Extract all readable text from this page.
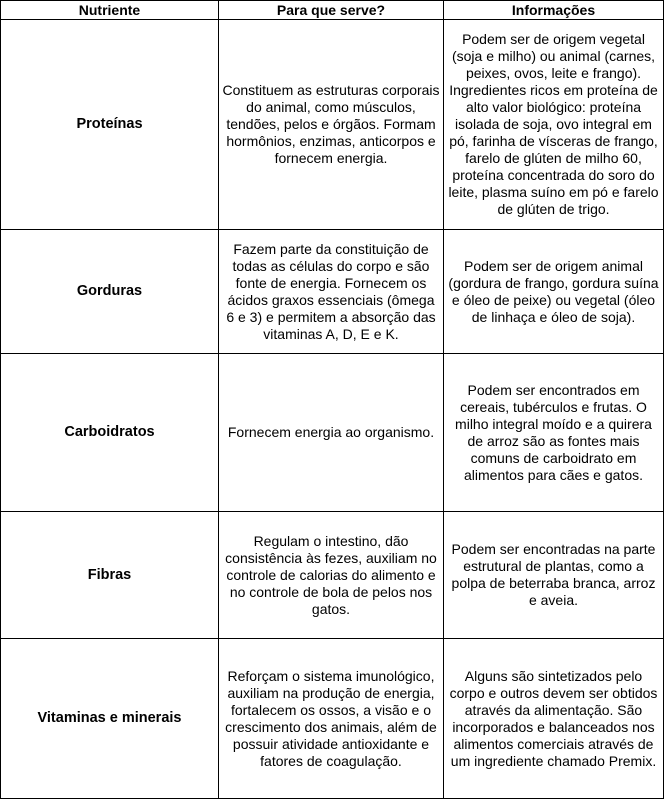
Nutriente	Para que serve?	Informações
Proteínas	Constituem as estruturas corporais do animal, como músculos, tendões, pelos e órgãos. Formam hormônios, enzimas, anticorpos e fornecem energia.	Podem ser de origem vegetal (soja e milho) ou animal (carnes, peixes, ovos, leite e frango). Ingredientes ricos em proteína de alto valor biológico: proteína isolada de soja, ovo integral em pó, farinha de vísceras de frango, farelo de glúten de milho 60, proteína concentrada do soro do leite, plasma suíno em pó e farelo de glúten de trigo.
Gorduras	Fazem parte da constituição de todas as células do corpo e são fonte de energia. Fornecem os ácidos graxos essenciais (ômega 6 e 3) e permitem a absorção das vitaminas A, D, E e K.	Podem ser de origem animal (gordura de frango, gordura suína e óleo de peixe) ou vegetal (óleo de linhaça e óleo de soja).
Carboidratos	Fornecem energia ao organismo.	Podem ser encontrados em cereais, tubérculos e frutas. O milho integral moído e a quirera de arroz são as fontes mais comuns de carboidrato em alimentos para cães e gatos.
Fibras	Regulam o intestino, dão consistência às fezes, auxiliam no controle de calorias do alimento e no controle de bola de pelos nos gatos.	Podem ser encontradas na parte estrutural de plantas, como a polpa de beterraba branca, arroz e aveia.
Vitaminas e minerais	Reforçam o sistema imunológico, auxiliam na produção de energia, fortalecem os ossos, a visão e o crescimento dos animais, além de possuir atividade antioxidante e fatores de coagulação.	Alguns são sintetizados pelo corpo e outros devem ser obtidos através da alimentação. São incorporados e balanceados nos alimentos comerciais através de um ingrediente chamado Premix.
